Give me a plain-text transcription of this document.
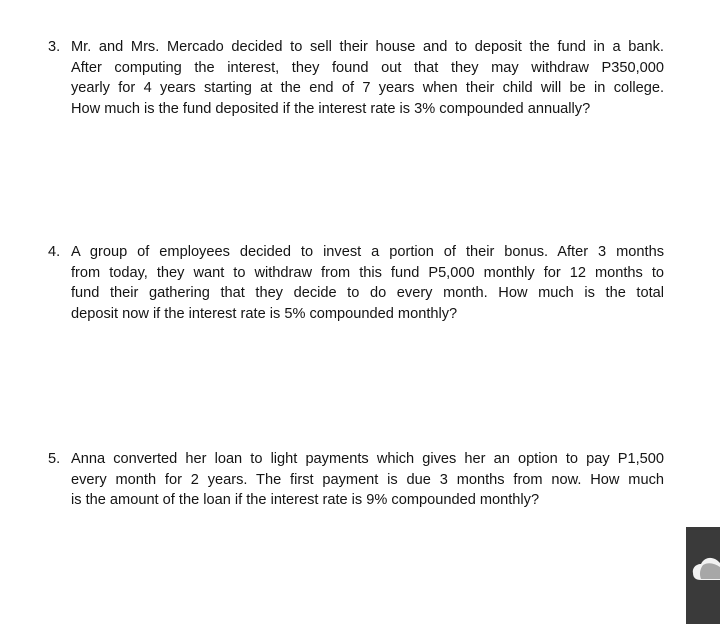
3. Mr. and Mrs. Mercado decided to sell their house and to deposit the fund in a bank.
After computing the interest, they found out that they may withdraw P350,000
yearly for 4 years starting at the end of 7 years when their child will be in college.
How much is the fund deposited if the interest rate is 3% compounded annually?
4. A group of employees decided to invest a portion of their bonus. After 3 months
from today, they want to withdraw from this fund P5,000 monthly for 12 months to
fund their gathering that they decide to do every month. How much is the total
deposit now if the interest rate is 5% compounded monthly?
5. Anna converted her loan to light payments which gives her an option to pay P1,500
every month for 2 years. The first payment is due 3 months from now. How much
is the amount of the loan if the interest rate is 9% compounded monthly?
